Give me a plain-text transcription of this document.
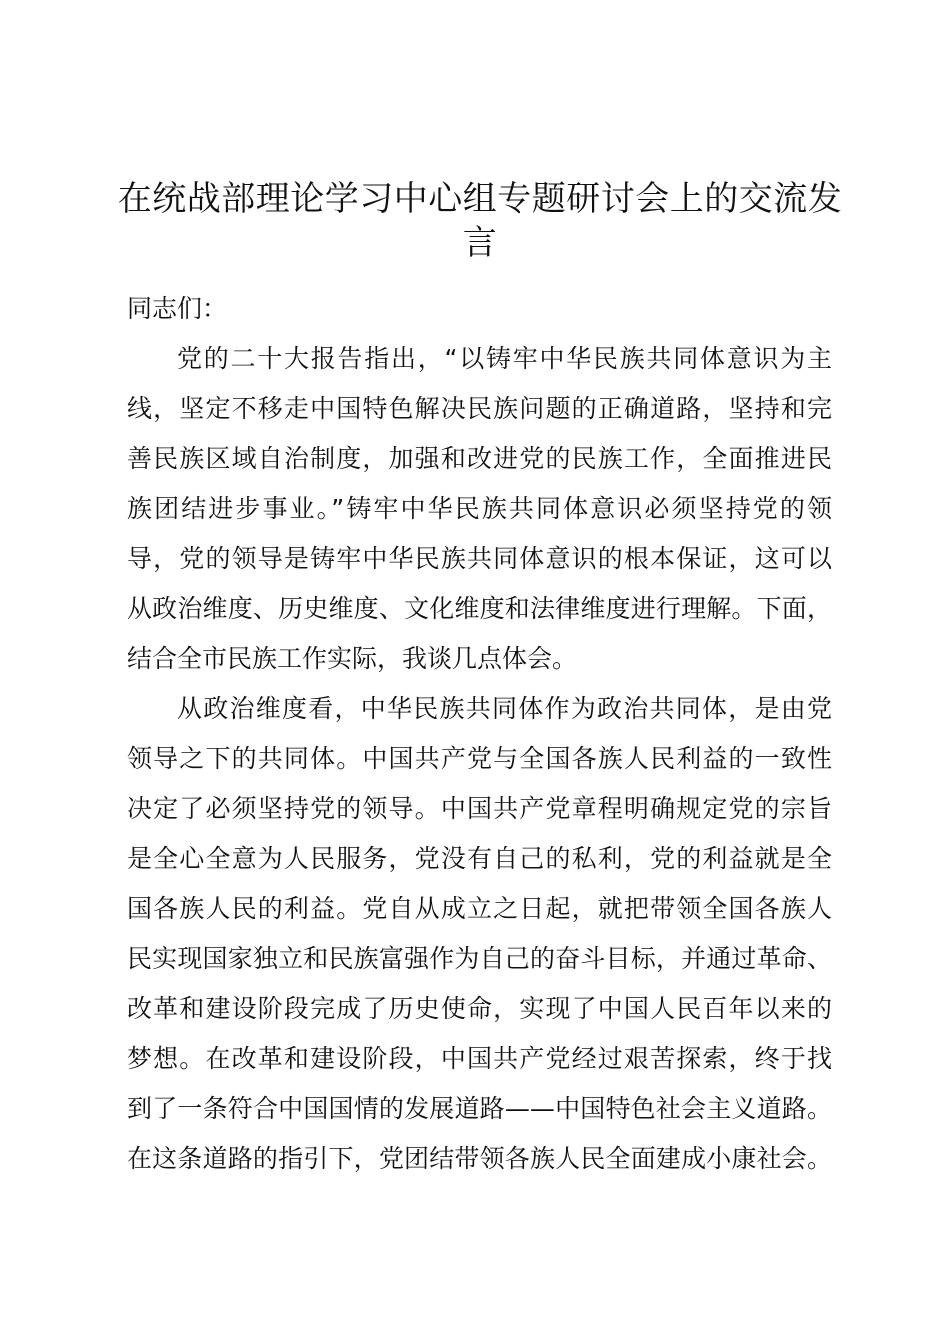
在统战部理论学习中心组专题研讨会上的交流发言

同志们：

党的二十大报告指出，“以铸牢中华民族共同体意识为主

线，坚定不移走中国特色解决民族问题的正确道路，坚持和完

善民族区域自治制度，加强和改进党的民族工作，全面推进民

族团结进步事业。”铸牢中华民族共同体意识必须坚持党的领

导，党的领导是铸牢中华民族共同体意识的根本保证，这可以

从政治维度、历史维度、文化维度和法律维度进行理解。下面，

结合全市民族工作实际，我谈几点体会。

从政治维度看，中华民族共同体作为政治共同体，是由党

领导之下的共同体。中国共产党与全国各族人民利益的一致性

决定了必须坚持党的领导。中国共产党章程明确规定党的宗旨

是全心全意为人民服务，党没有自己的私利，党的利益就是全

国各族人民的利益。党自从成立之日起，就把带领全国各族人

民实现国家独立和民族富强作为自己的奋斗目标，并通过革命、

改革和建设阶段完成了历史使命，实现了中国人民百年以来的

梦想。在改革和建设阶段，中国共产党经过艰苦探索，终于找

到了一条符合中国国情的发展道路——中国特色社会主义道路。

在这条道路的指引下，党团结带领各族人民全面建成小康社会。
